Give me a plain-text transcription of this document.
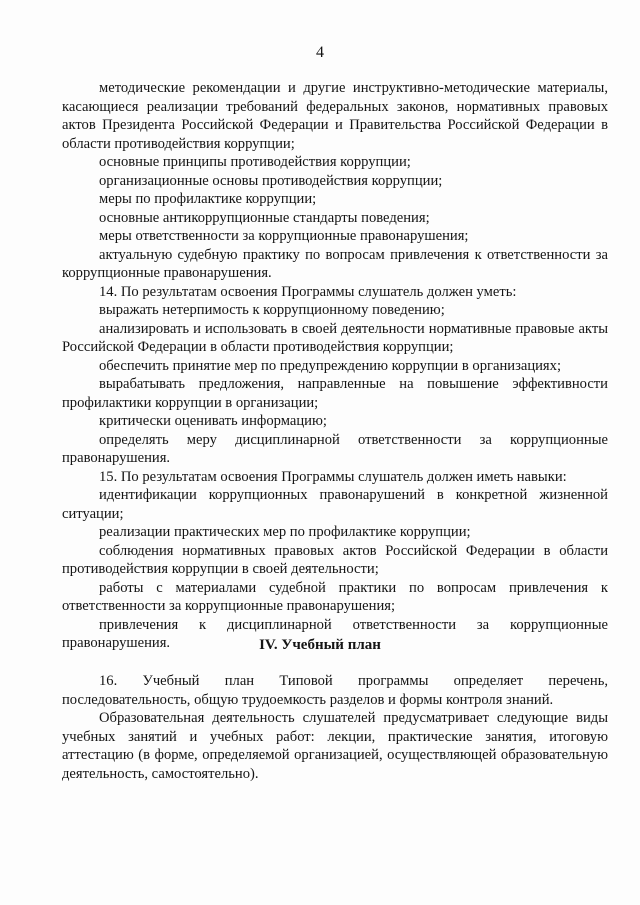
4

методические рекомендации и другие инструктивно-методические материалы, касающиеся реализации требований федеральных законов, нормативных правовых актов Президента Российской Федерации и Правительства Российской Федерации в области противодействия коррупции;

основные принципы противодействия коррупции;

организационные основы противодействия коррупции;

меры по профилактике коррупции;

основные антикоррупционные стандарты поведения;

меры ответственности за коррупционные правонарушения;

актуальную судебную практику по вопросам привлечения к ответственности за коррупционные правонарушения.

14. По результатам освоения Программы слушатель должен уметь:

выражать нетерпимость к коррупционному поведению;

анализировать и использовать в своей деятельности нормативные правовые акты Российской Федерации в области противодействия коррупции;

обеспечить принятие мер по предупреждению коррупции в организациях;

вырабатывать предложения, направленные на повышение эффективности профилактики коррупции в организации;

критически оценивать информацию;

определять меру дисциплинарной ответственности за коррупционные правонарушения.

15. По результатам освоения Программы слушатель должен иметь навыки:

идентификации коррупционных правонарушений в конкретной жизненной ситуации;

реализации практических мер по профилактике коррупции;

соблюдения нормативных правовых актов Российской Федерации в области противодействия коррупции в своей деятельности;

работы с материалами судебной практики по вопросам привлечения к ответственности за коррупционные правонарушения;

привлечения к дисциплинарной ответственности за коррупционные правонарушения.	IV. Учебный план

16. Учебный план Типовой программы определяет перечень, последовательность, общую трудоемкость разделов и формы контроля знаний.

Образовательная деятельность слушателей предусматривает следующие виды учебных занятий и учебных работ: лекции, практические занятия, итоговую аттестацию (в форме, определяемой организацией, осуществляющей образовательную деятельность, самостоятельно).
